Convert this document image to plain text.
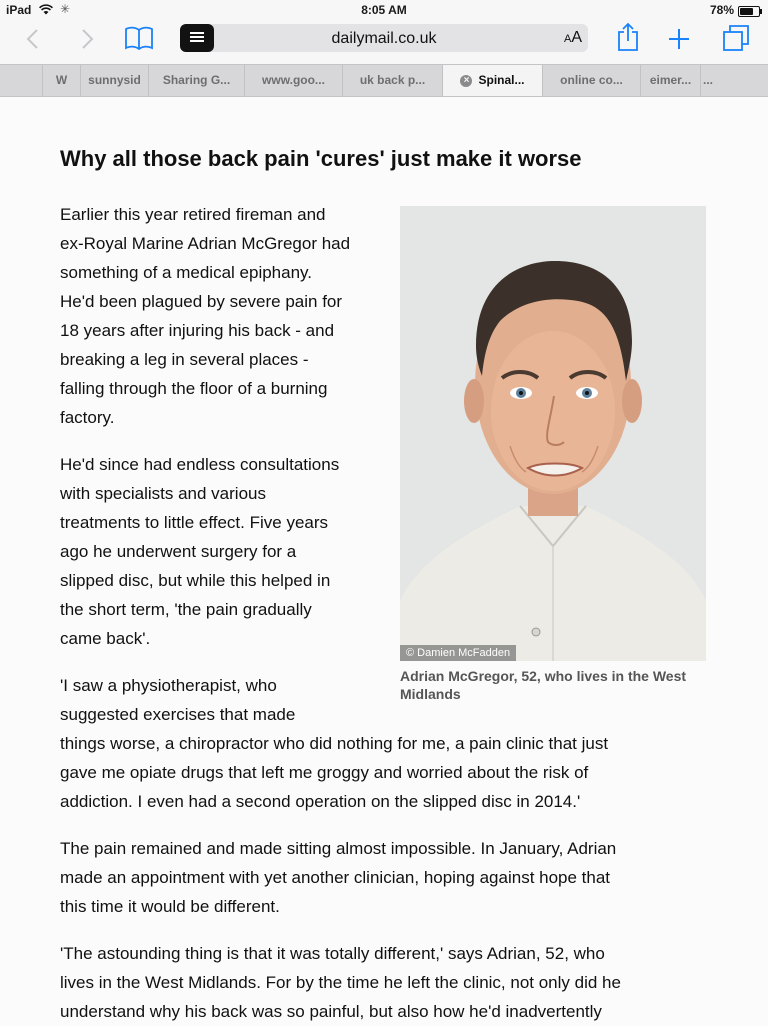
iPad ✳	8:05 AM	78%
dailymail.co.uk	AA
W	sunnysid	Sharing G...	www.goo...	uk back p...	× Spinal...	online co...	eimer... ...
Why all those back pain 'cures' just make it worse
Earlier this year retired fireman and
ex-Royal Marine Adrian McGregor had
something of a medical epiphany.
He'd been plagued by severe pain for
18 years after injuring his back - and
breaking a leg in several places -
falling through the floor of a burning
factory.
He'd since had endless consultations
with specialists and various
treatments to little effect. Five years
ago he underwent surgery for a
slipped disc, but while this helped in
the short term, 'the pain gradually
came back'.
'I saw a physiotherapist, who
suggested exercises that made
things worse, a chiropractor who did nothing for me, a pain clinic that just
gave me opiate drugs that left me groggy and worried about the risk of
addiction. I even had a second operation on the slipped disc in 2014.'
The pain remained and made sitting almost impossible. In January, Adrian
made an appointment with yet another clinician, hoping against hope that
this time it would be different.
'The astounding thing is that it was totally different,' says Adrian, 52, who
lives in the West Midlands. For by the time he left the clinic, not only did he
understand why his back was so painful, but also how he'd inadvertently
© Damien McFadden
Adrian McGregor, 52, who lives in the West Midlands
